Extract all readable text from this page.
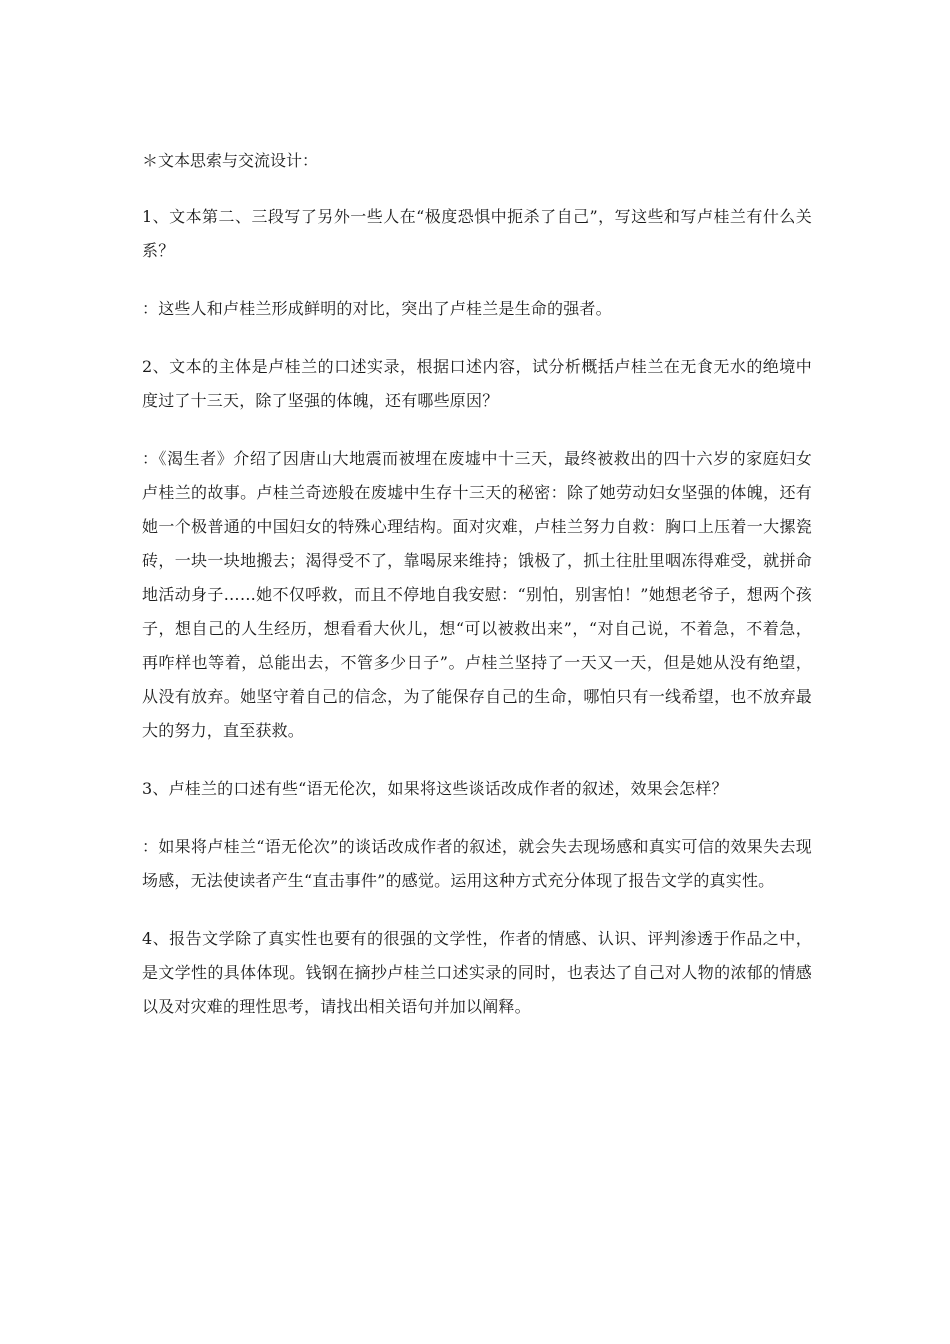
＊文本思索与交流设计：
1、文本第二、三段写了另外一些人在“极度恐惧中扼杀了自己”，写这些和写卢桂兰有什么关系？
：这些人和卢桂兰形成鲜明的对比，突出了卢桂兰是生命的强者。
2、文本的主体是卢桂兰的口述实录，根据口述内容，试分析概括卢桂兰在无食无水的绝境中度过了十三天，除了坚强的体魄，还有哪些原因？
：《渴生者》介绍了因唐山大地震而被埋在废墟中十三天，最终被救出的四十六岁的家庭妇女卢桂兰的故事。卢桂兰奇迹般在废墟中生存十三天的秘密：除了她劳动妇女坚强的体魄，还有她一个极普通的中国妇女的特殊心理结构。面对灾难，卢桂兰努力自救：胸口上压着一大摞瓷砖，一块一块地搬去；渴得受不了，靠喝尿来维持；饿极了，抓土往肚里咽冻得难受，就拼命地活动身子……她不仅呼救，而且不停地自我安慰：“别怕，别害怕！”她想老爷子，想两个孩子，想自己的人生经历，想看看大伙儿，想“可以被救出来”，“对自己说，不着急，不着急，再咋样也等着，总能出去，不管多少日子”。卢桂兰坚持了一天又一天，但是她从没有绝望，从没有放弃。她坚守着自己的信念，为了能保存自己的生命，哪怕只有一线希望，也不放弃最大的努力，直至获救。
3、卢桂兰的口述有些“语无伦次，如果将这些谈话改成作者的叙述，效果会怎样？
：如果将卢桂兰“语无伦次”的谈话改成作者的叙述，就会失去现场感和真实可信的效果失去现场感，无法使读者产生“直击事件”的感觉。运用这种方式充分体现了报告文学的真实性。
4、报告文学除了真实性也要有的很强的文学性，作者的情感、认识、评判渗透于作品之中，是文学性的具体体现。钱钢在摘抄卢桂兰口述实录的同时，也表达了自己对人物的浓郁的情感以及对灾难的理性思考，请找出相关语句并加以阐释。
